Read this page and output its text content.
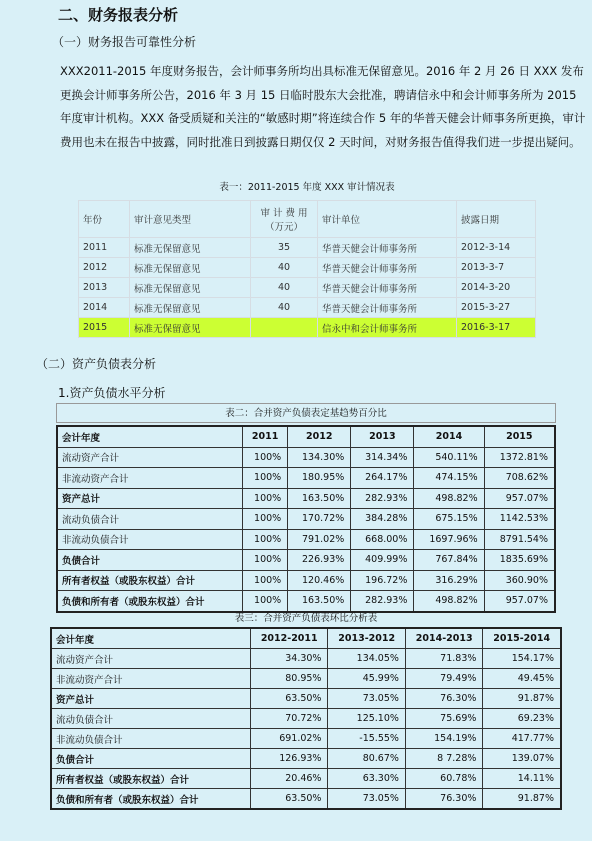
二、财务报表分析
（一）财务报告可靠性分析
XXX2011-2015 年度财务报告，会计师事务所均出具标准无保留意见。2016 年 2 月 26 日 XXX 发布更换会计师事务所公告，2016 年 3 月 15 日临时股东大会批准，聘请信永中和会计师事务所为 2015 年度审计机构。XXX 备受质疑和关注的“敏感时期”将连续合作 5 年的华普天健会计师事务所更换，审计费用也未在报告中披露，同时批准日到披露日期仅仅 2 天时间，对财务报告值得我们进一步提出疑问。
表一：2011-2015 年度 XXX 审计情况表
年份	审计意见类型	审 计 费 用（万元）	审计单位	披露日期
2011	标准无保留意见	35	华普天健会计师事务所	2012-3-14
2012	标准无保留意见	40	华普天健会计师事务所	2013-3-7
2013	标准无保留意见	40	华普天健会计师事务所	2014-3-20
2014	标准无保留意见	40	华普天健会计师事务所	2015-3-27
2015	标准无保留意见		信永中和会计师事务所	2016-3-17
（二）资产负债表分析
1.资产负债水平分析
表二：合并资产负债表定基趋势百分比
会计年度	2011	2012	2013	2014	2015
流动资产合计	100%	134.30%	314.34%	540.11%	1372.81%
非流动资产合计	100%	180.95%	264.17%	474.15%	708.62%
资产总计	100%	163.50%	282.93%	498.82%	957.07%
流动负债合计	100%	170.72%	384.28%	675.15%	1142.53%
非流动负债合计	100%	791.02%	668.00%	1697.96%	8791.54%
负债合计	100%	226.93%	409.99%	767.84%	1835.69%
所有者权益（或股东权益）合计	100%	120.46%	196.72%	316.29%	360.90%
负债和所有者（或股东权益）合计	100%	163.50%	282.93%	498.82%	957.07%
表三：合并资产负债表环比分析表
会计年度	2012-2011	2013-2012	2014-2013	2015-2014
流动资产合计	34.30%	134.05%	71.83%	154.17%
非流动资产合计	80.95%	45.99%	79.49%	49.45%
资产总计	63.50%	73.05%	76.30%	91.87%
流动负债合计	70.72%	125.10%	75.69%	69.23%
非流动负债合计	691.02%	-15.55%	154.19%	417.77%
负债合计	126.93%	80.67%	8 7.28%	139.07%
所有者权益（或股东权益）合计	20.46%	63.30%	60.78%	14.11%
负债和所有者（或股东权益）合计	63.50%	73.05%	76.30%	91.87%
